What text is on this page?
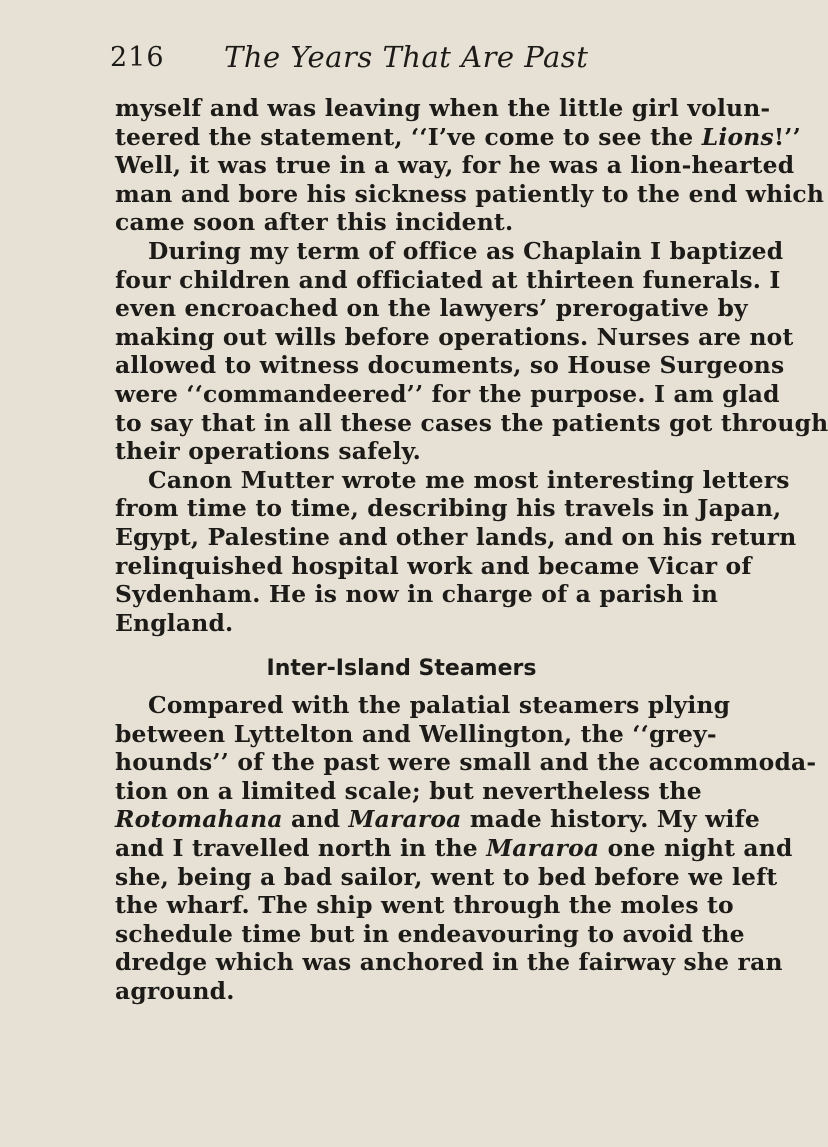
216 The Years That Are Past
myself and was leaving when the little girl volun-
teered the statement, ‘‘I’ve come to see the Lions!’’
Well, it was true in a way, for he was a lion-hearted
man and bore his sickness patiently to the end which
came soon after this incident.
During my term of office as Chaplain I baptized
four children and officiated at thirteen funerals. I
even encroached on the lawyers’ prerogative by
making out wills before operations. Nurses are not
allowed to witness documents, so House Surgeons
were ‘‘commandeered’’ for the purpose. I am glad
to say that in all these cases the patients got through
their operations safely.
Canon Mutter wrote me most interesting letters
from time to time, describing his travels in Japan,
Egypt, Palestine and other lands, and on his return
relinquished hospital work and became Vicar of
Sydenham. He is now in charge of a parish in
England.
Inter-Island Steamers
Compared with the palatial steamers plying
between Lyttelton and Wellington, the ‘‘grey-
hounds’’ of the past were small and the accommoda-
tion on a limited scale; but nevertheless the
Rotomahana and Mararoa made history. My wife
and I travelled north in the Mararoa one night and
she, being a bad sailor, went to bed before we left
the wharf. The ship went through the moles to
schedule time but in endeavouring to avoid the
dredge which was anchored in the fairway she ran
aground.
